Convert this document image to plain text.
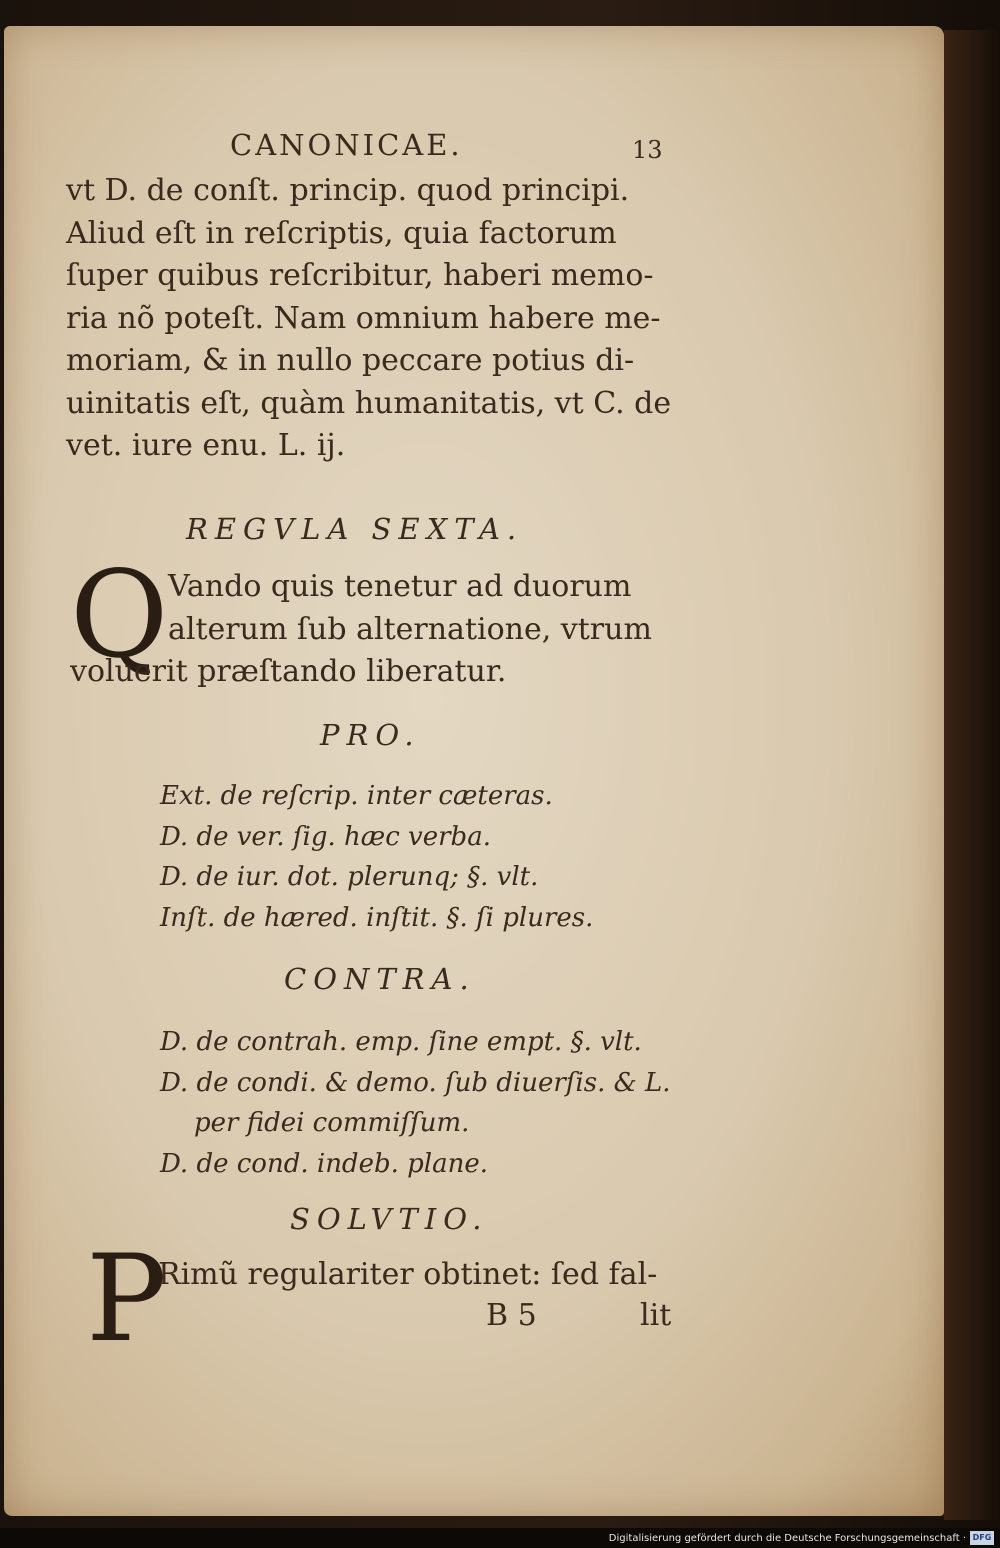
CANONICAE.	13
vt D. de conſt. princip. quod principi.
Aliud eſt in reſcriptis, quia factorum
ſuper quibus reſcribitur, haberi memo-
ria nõ poteſt. Nam omnium habere me-
moriam, & in nullo peccare potius di-
uinitatis eſt, quàm humanitatis, vt C. de
vet. iure enu. L. ij.
REGVLA SEXTA.
Q Vando quis tenetur ad duorum
alterum ſub alternatione, vtrum
voluerit præſtando liberatur.
PRO.
Ext. de reſcrip. inter cæteras.
D. de ver. ſig. hæc verba.
D. de iur. dot. plerunq; §. vlt.
Inſt. de hæred. inſtit. §. ſi plures.
CONTRA.
D. de contrah. emp. ſine empt. §. vlt.
D. de condi. & demo. ſub diuerſis. & L.
per fidei commiſſum.
D. de cond. indeb. plane.
SOLVTIO.
P
Rimũ regulariter obtinet: ſed fal-
B 5	lit
Digitalisierung gefördert durch die Deutsche Forschungsgemeinschaft · DFG
